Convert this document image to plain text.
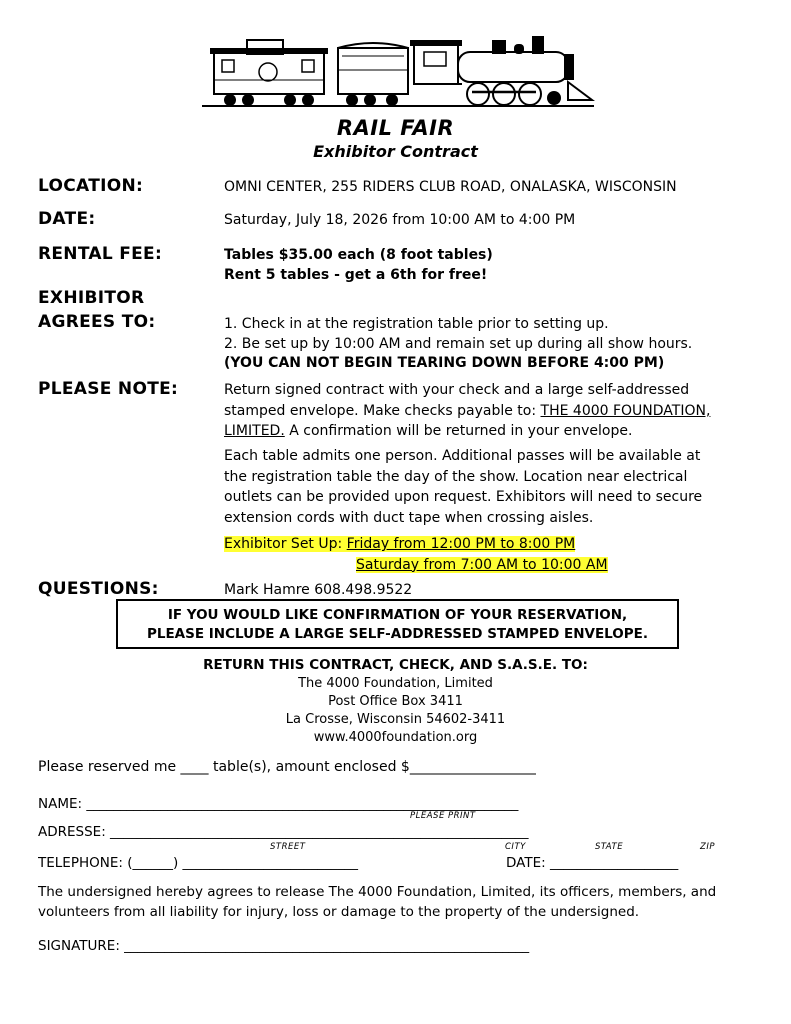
RAIL FAIR
Exhibitor Contract
LOCATION:	OMNI CENTER, 255 RIDERS CLUB ROAD, ONALASKA, WISCONSIN
DATE:	Saturday, July 18, 2026 from 10:00 AM to 4:00 PM
RENTAL FEE:	Tables $35.00 each (8 foot tables)
Rent 5 tables - get a 6th for free!
EXHIBITOR
AGREES TO:	1. Check in at the registration table prior to setting up.
2. Be set up by 10:00 AM and remain set up during all show hours.
(YOU CAN NOT BEGIN TEARING DOWN BEFORE 4:00 PM)
PLEASE NOTE:	Return signed contract with your check and a large self-addressed
stamped envelope. Make checks payable to: THE 4000 FOUNDATION,
LIMITED. A confirmation will be returned in your envelope.
Each table admits one person. Additional passes will be available at
the registration table the day of the show. Location near electrical
outlets can be provided upon request. Exhibitors will need to secure
extension cords with duct tape when crossing aisles.
Exhibitor Set Up: Friday from 12:00 PM to 8:00 PM
Saturday from 7:00 AM to 10:00 AM
QUESTIONS:	Mark Hamre 608.498.9522
IF YOU WOULD LIKE CONFIRMATION OF YOUR RESERVATION,
PLEASE INCLUDE A LARGE SELF-ADDRESSED STAMPED ENVELOPE.
RETURN THIS CONTRACT, CHECK, AND S.A.S.E. TO:
The 4000 Foundation, Limited
Post Office Box 3411
La Crosse, Wisconsin 54602-3411
www.4000foundation.org
Please reserved me ____ table(s), amount enclosed $__________________
NAME: ________________________________________________________________
PLEASE PRINT
ADRESSE: ______________________________________________________________
STREET	CITY	STATE	ZIP
TELEPHONE: (______) __________________________	DATE: ___________________
The undersigned hereby agrees to release The 4000 Foundation, Limited, its officers, members, and
volunteers from all liability for injury, loss or damage to the property of the undersigned.
SIGNATURE: ____________________________________________________________
